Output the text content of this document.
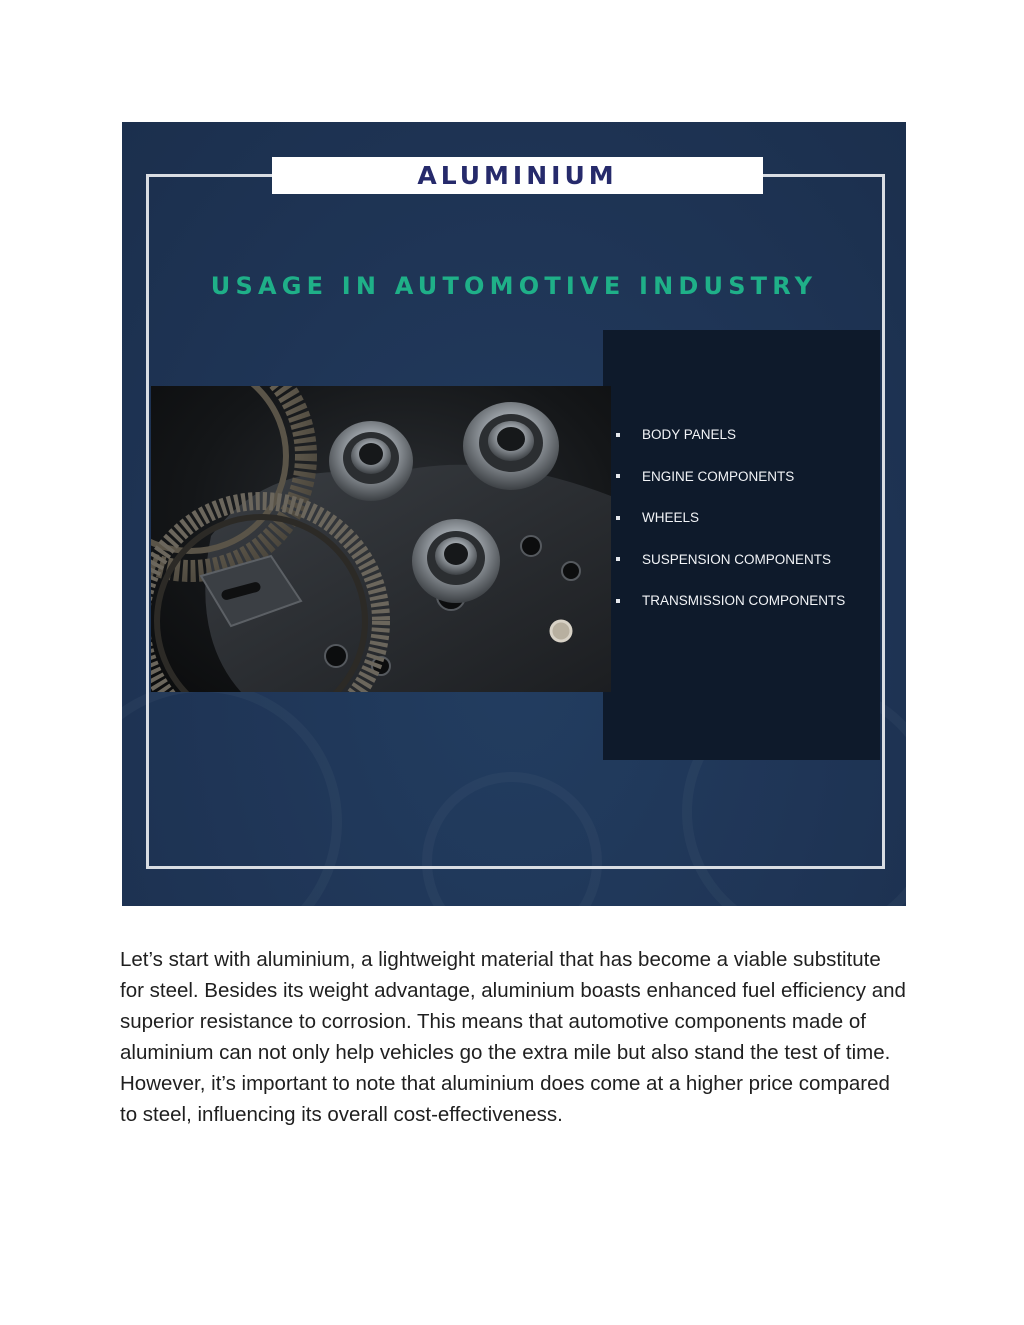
ALUMINIUM
USAGE IN AUTOMOTIVE INDUSTRY
BODY PANELS
ENGINE COMPONENTS
WHEELS
SUSPENSION COMPONENTS
TRANSMISSION COMPONENTS

Let’s start with aluminium, a lightweight material that has become a viable substitute for steel. Besides its weight advantage, aluminium boasts enhanced fuel efficiency and superior resistance to corrosion. This means that automotive components made of aluminium can not only help vehicles go the extra mile but also stand the test of time. However, it’s important to note that aluminium does come at a higher price compared to steel, influencing its overall cost-effectiveness.
